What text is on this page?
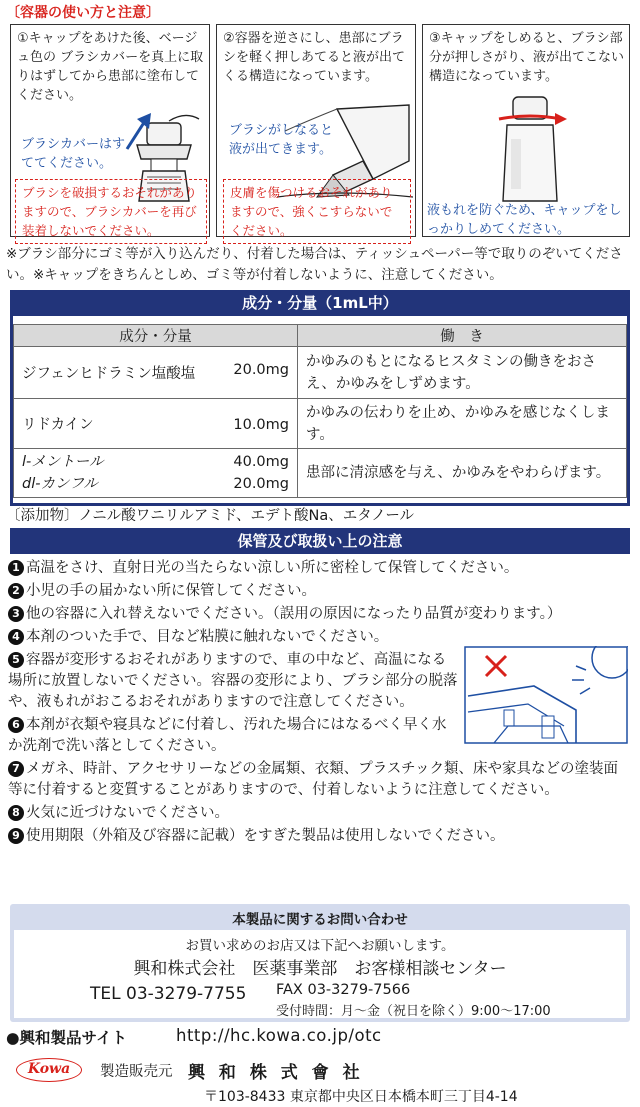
〔容器の使い方と注意〕
①キャップをあけた後、ベージュ色の ブラシカバーを真上に取りはずしてから患部に塗布してください。
ブラシカバーはすててください。
ブラシを破損するおそれがありますので、ブラシカバーを再び装着しないでください。
②容器を逆さにし、患部にブラシを軽く押しあてると液が出てくる構造になっています。
ブラシがしなると液が出てきます。
皮膚を傷つけるおそれがありますので、強くこすらないでください。
③キャップをしめると、ブラシ部分が押しさがり、液が出てこない構造になっています。
液もれを防ぐため、キャップをしっかりしめてください。
※ブラシ部分にゴミ等が入り込んだり、付着した場合は、ティッシュペーパー等で取りのぞいてください。※キャップをきちんとしめ、ゴミ等が付着しないように、注意してください。
成分・分量（1mL中）
成分・分量	働　き
ジフェンヒドラミン塩酸塩 20.0mg	かゆみのもとになるヒスタミンの働きをおさえ、かゆみをしずめます。
リドカイン 10.0mg	かゆみの伝わりを止め、かゆみを感じなくします。

l-メントール 40.0mg
dl-カンフル 20.0mg	患部に清涼感を与え、かゆみをやわらげます。
〔添加物〕ノニル酸ワニリルアミド、エデト酸Na、エタノール
保管及び取扱い上の注意
1 高温をさけ、直射日光の当たらない涼しい所に密栓して保管してください。
2 小児の手の届かない所に保管してください。
3 他の容器に入れ替えないでください。（誤用の原因になったり品質が変わります。）
4 本剤のついた手で、目など粘膜に触れないでください。
5 容器が変形するおそれがありますので、車の中など、高温になる場所に放置しないでください。容器の変形により、ブラシ部分の脱落や、液もれがおこるおそれがありますので注意してください。
6 本剤が衣類や寝具などに付着し、汚れた場合にはなるべく早く水か洗剤で洗い落としてください。
7 メガネ、時計、アクセサリーなどの金属類、衣類、プラスチック類、床や家具などの塗装面等に付着すると変質することがありますので、付着しないように注意してください。
8 火気に近づけないでください。
9 使用期限（外箱及び容器に記載）をすぎた製品は使用しないでください。
本製品に関するお問い合わせ
お買い求めのお店又は下記へお願いします。
興和株式会社　医薬事業部　お客様相談センター
TEL 03-3279-7755 FAX 03-3279-7566
受付時間：月〜金（祝日を除く）9:00〜17:00
●興和製品サイト	http://hc.kowa.co.jp/otc
Kowa	製造販売元 興 和 株 式 會 社
〒103-8433 東京都中央区日本橋本町三丁目4-14
